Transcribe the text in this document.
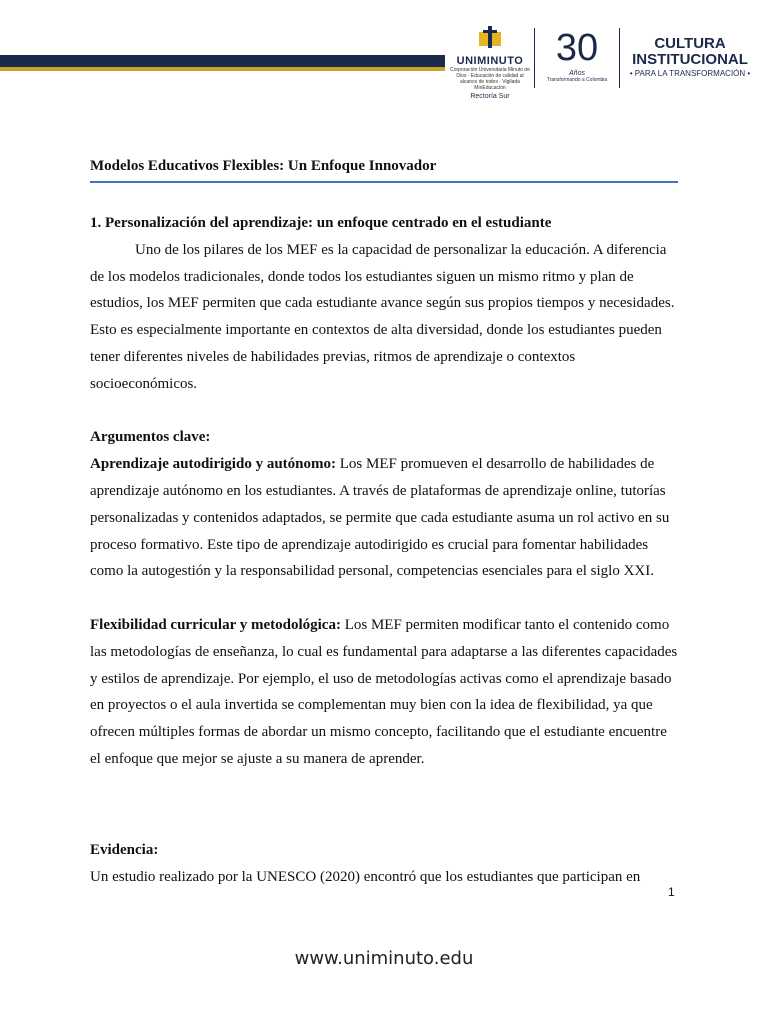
UNIMINUTO
Corporación Universitaria Minuto de Dios · Educación de calidad al alcance de todos · Vigilada MinEducación
Rectoría Sur
30
Años
Transformando a Colombia
CULTURA
INSTITUCIONAL
• PARA LA TRANSFORMACIÓN •
Modelos Educativos Flexibles: Un Enfoque Innovador

1. Personalización del aprendizaje: un enfoque centrado en el estudiante

Uno de los pilares de los MEF es la capacidad de personalizar la educación. A diferencia de los modelos tradicionales, donde todos los estudiantes siguen un mismo ritmo y plan de estudios, los MEF permiten que cada estudiante avance según sus propios tiempos y necesidades. Esto es especialmente importante en contextos de alta diversidad, donde los estudiantes pueden tener diferentes niveles de habilidades previas, ritmos de aprendizaje o contextos socioeconómicos.

Argumentos clave:

Aprendizaje autodirigido y autónomo: Los MEF promueven el desarrollo de habilidades de aprendizaje autónomo en los estudiantes. A través de plataformas de aprendizaje online, tutorías personalizadas y contenidos adaptados, se permite que cada estudiante asuma un rol activo en su proceso formativo. Este tipo de aprendizaje autodirigido es crucial para fomentar habilidades como la autogestión y la responsabilidad personal, competencias esenciales para el siglo XXI.

Flexibilidad curricular y metodológica: Los MEF permiten modificar tanto el contenido como las metodologías de enseñanza, lo cual es fundamental para adaptarse a las diferentes capacidades y estilos de aprendizaje. Por ejemplo, el uso de metodologías activas como el aprendizaje basado en proyectos o el aula invertida se complementan muy bien con la idea de flexibilidad, ya que ofrecen múltiples formas de abordar un mismo concepto, facilitando que el estudiante encuentre el enfoque que mejor se ajuste a su manera de aprender.

Evidencia:

Un estudio realizado por la UNESCO (2020) encontró que los estudiantes que participan en

1
www.uniminuto.edu
